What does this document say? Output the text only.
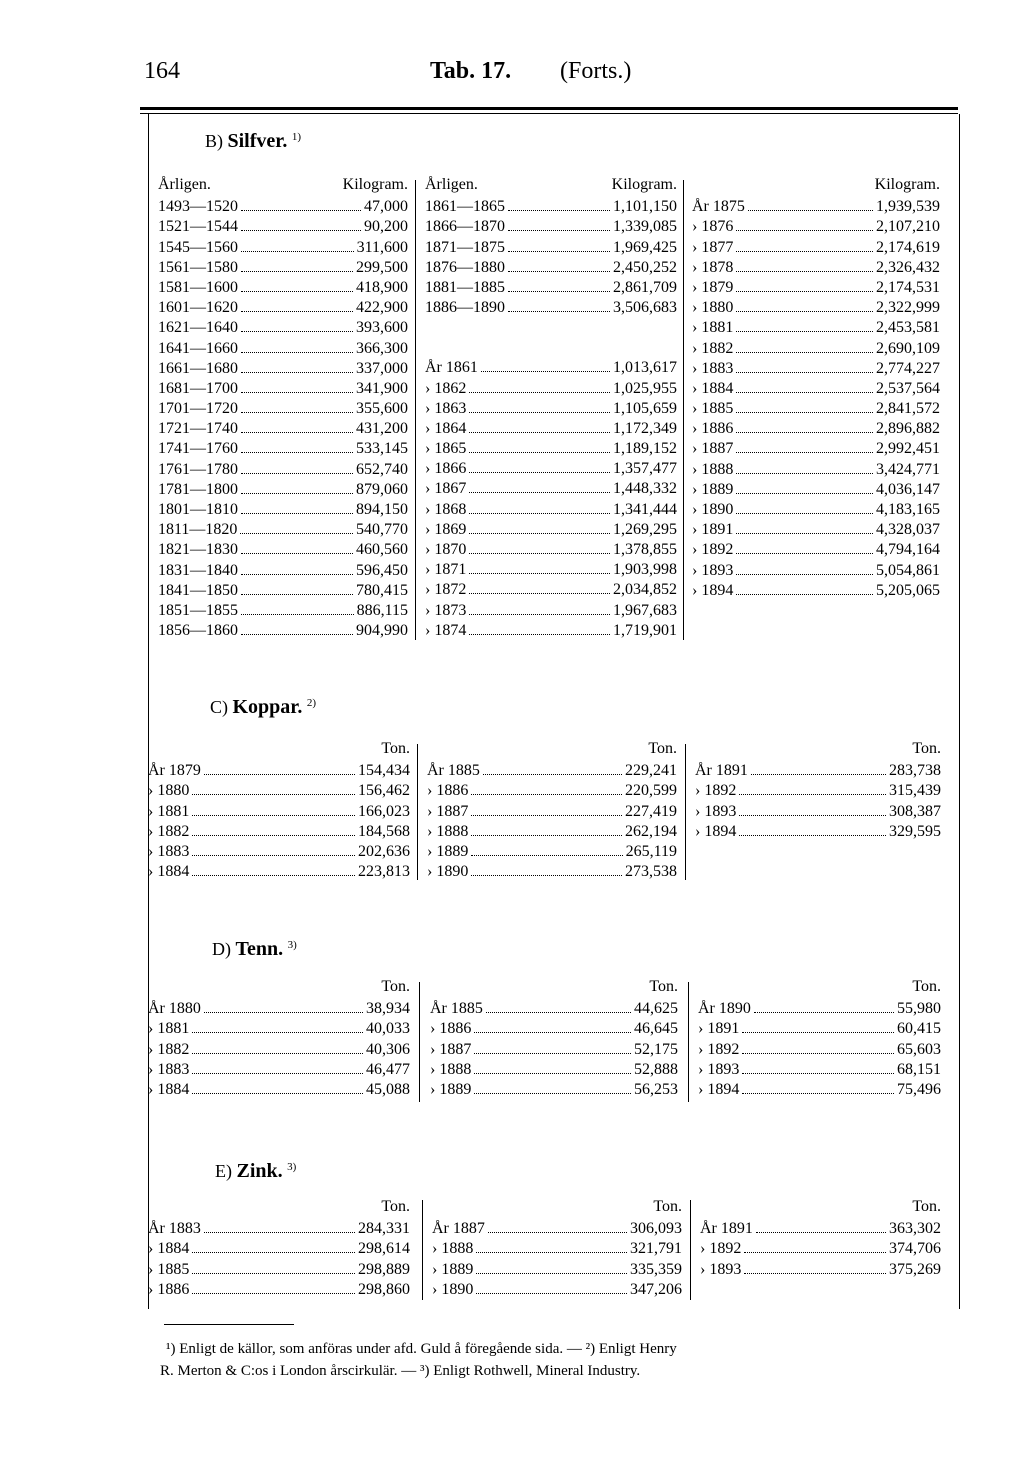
164	Tab. 17. (Forts.)
B) Silfver. $^{1)}$
Årligen.	Kilogram.
1493—1520	47,000
1521—1544	90,200
1545—1560	311,600
1561—1580	299,500
1581—1600	418,900
1601—1620	422,900
1621—1640	393,600
1641—1660	366,300
1661—1680	337,000
1681—1700	341,900
1701—1720	355,600
1721—1740	431,200
1741—1760	533,145
1761—1780	652,740
1781—1800	879,060
1801—1810	894,150
1811—1820	540,770
1821—1830	460,560
1831—1840	596,450
1841—1850	780,415
1851—1855	886,115
1856—1860	904,990
Årligen.	Kilogram.
1861—1865	1,101,150
1866—1870	1,339,085
1871—1875	1,969,425
1876—1880	2,450,252
1881—1885	2,861,709
1886—1890	3,506,683
År 1861	1,013,617
› 1862	1,025,955
› 1863	1,105,659
› 1864	1,172,349
› 1865	1,189,152
› 1866	1,357,477
› 1867	1,448,332
› 1868	1,341,444
› 1869	1,269,295
› 1870	1,378,855
› 1871	1,903,998
› 1872	2,034,852
› 1873	1,967,683
› 1874	1,719,901
Kilogram.
År 1875	1,939,539
› 1876	2,107,210
› 1877	2,174,619
› 1878	2,326,432
› 1879	2,174,531
› 1880	2,322,999
› 1881	2,453,581
› 1882	2,690,109
› 1883	2,774,227
› 1884	2,537,564
› 1885	2,841,572
› 1886	2,896,882
› 1887	2,992,451
› 1888	3,424,771
› 1889	4,036,147
› 1890	4,183,165
› 1891	4,328,037
› 1892	4,794,164
› 1893	5,054,861
› 1894	5,205,065
C) Koppar. $^{2)}$
Ton.
År 1879	154,434
› 1880	156,462
› 1881	166,023
› 1882	184,568
› 1883	202,636
› 1884	223,813
Ton.
År 1885	229,241
› 1886	220,599
› 1887	227,419
› 1888	262,194
› 1889	265,119
› 1890	273,538
Ton.
År 1891	283,738
› 1892	315,439
› 1893	308,387
› 1894	329,595
D) Tenn. $^{3)}$
Ton.
År 1880	38,934
› 1881	40,033
› 1882	40,306
› 1883	46,477
› 1884	45,088
Ton.
År 1885	44,625
› 1886	46,645
› 1887	52,175
› 1888	52,888
› 1889	56,253
Ton.
År 1890	55,980
› 1891	60,415
› 1892	65,603
› 1893	68,151
› 1894	75,496
E) Zink. $^{3)}$
Ton.
År 1883	284,331
› 1884	298,614
› 1885	298,889
› 1886	298,860
Ton.
År 1887	306,093
› 1888	321,791
› 1889	335,359
› 1890	347,206
Ton.
År 1891	363,302
› 1892	374,706
› 1893	375,269

¹) Enligt de källor, som anföras under afd. Guld å föregående sida. — ²) Enligt Henry

R. Merton & C:os i London årscirkulär. — ³) Enligt Rothwell, Mineral Industry.
